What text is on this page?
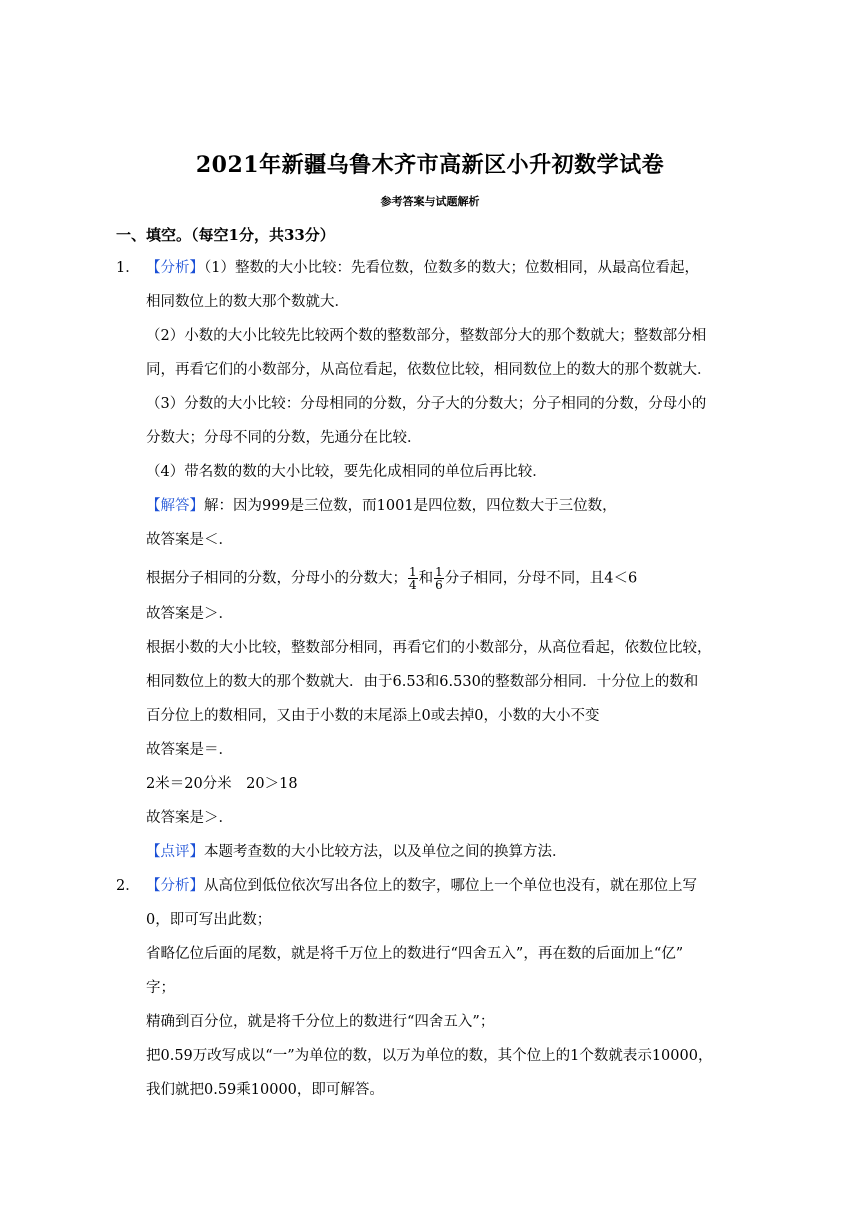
2021年新疆乌鲁木齐市高新区小升初数学试卷
参考答案与试题解析
一、填空。（每空1分，共33分）
1． 【分析】（1）整数的大小比较：先看位数，位数多的数大；位数相同，从最高位看起，
相同数位上的数大那个数就大．
（2）小数的大小比较先比较两个数的整数部分，整数部分大的那个数就大；整数部分相
同，再看它们的小数部分，从高位看起，依数位比较，相同数位上的数大的那个数就大．
（3）分数的大小比较：分母相同的分数，分子大的分数大；分子相同的分数，分母小的
分数大；分母不同的分数，先通分在比较．
（4）带名数的数的大小比较，要先化成相同的单位后再比较．
【解答】解：因为999是三位数，而1001是四位数，四位数大于三位数，
故答案是＜．
根据分子相同的分数，分母小的分数大； $\frac{1}{4}$ 和 $\frac{1}{6}$ 分子相同，分母不同，且4＜6
故答案是＞．
根据小数的大小比较，整数部分相同，再看它们的小数部分，从高位看起，依数位比较，
相同数位上的数大的那个数就大．由于6.53和6.530的整数部分相同．十分位上的数和
百分位上的数相同，又由于小数的末尾添上0或去掉0，小数的大小不变
故答案是＝．
2米＝20分米　20＞18
故答案是＞．
【点评】本题考查数的大小比较方法，以及单位之间的换算方法．
2． 【分析】从高位到低位依次写出各位上的数字，哪位上一个单位也没有，就在那位上写
0，即可写出此数；
省略亿位后面的尾数，就是将千万位上的数进行“四舍五入”，再在数的后面加上“亿”
字；
精确到百分位，就是将千分位上的数进行“四舍五入”；
把0.59万改写成以“一”为单位的数，以万为单位的数，其个位上的1个数就表示10000，
我们就把0.59乘10000，即可解答。
